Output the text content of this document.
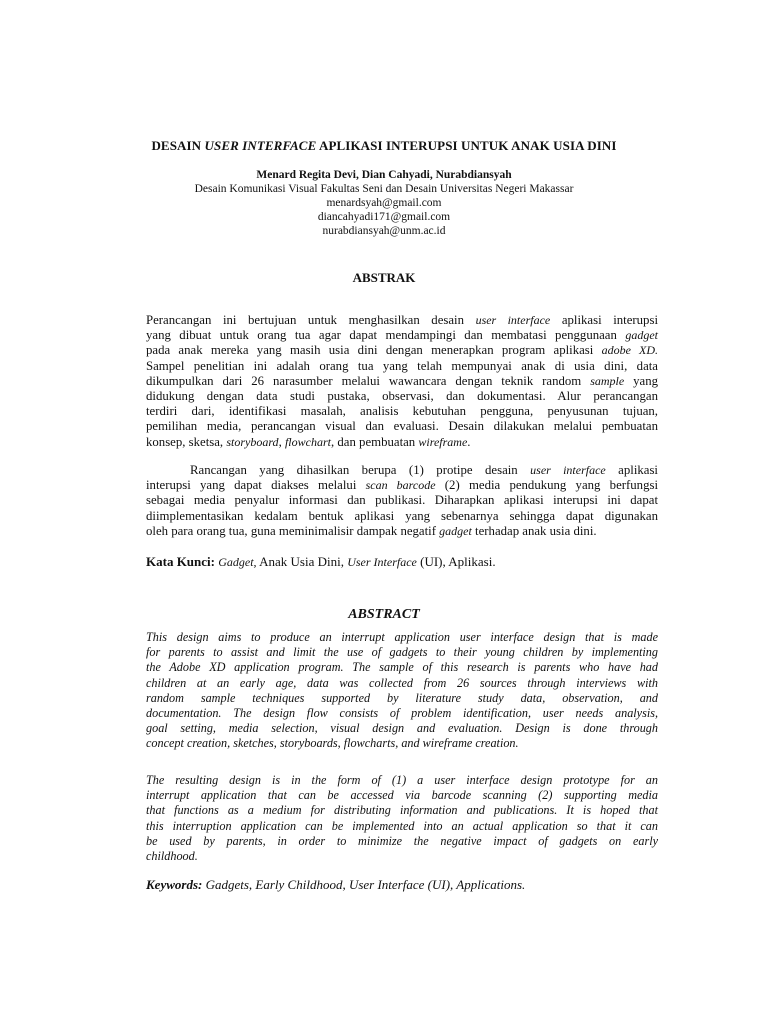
DESAIN USER INTERFACE APLIKASI INTERUPSI UNTUK ANAK USIA DINI
Menard Regita Devi, Dian Cahyadi, Nurabdiansyah
Desain Komunikasi Visual Fakultas Seni dan Desain Universitas Negeri Makassar
menardsyah@gmail.com
diancahyadi171@gmail.com
nurabdiansyah@unm.ac.id
ABSTRAK
Perancangan ini bertujuan untuk menghasilkan desain user interface aplikasi interupsi
yang dibuat untuk orang tua agar dapat mendampingi dan membatasi penggunaan gadget
pada anak mereka yang masih usia dini dengan menerapkan program aplikasi adobe XD.
Sampel penelitian ini adalah orang tua yang telah mempunyai anak di usia dini, data
dikumpulkan dari 26 narasumber melalui wawancara dengan teknik random sample yang
didukung dengan data studi pustaka, observasi, dan dokumentasi. Alur perancangan
terdiri dari, identifikasi masalah, analisis kebutuhan pengguna, penyusunan tujuan,
pemilihan media, perancangan visual dan evaluasi. Desain dilakukan melalui pembuatan
konsep, sketsa, storyboard, flowchart, dan pembuatan wireframe.
Rancangan yang dihasilkan berupa (1) protipe desain user interface aplikasi
interupsi yang dapat diakses melalui scan barcode (2) media pendukung yang berfungsi
sebagai media penyalur informasi dan publikasi. Diharapkan aplikasi interupsi ini dapat
diimplementasikan kedalam bentuk aplikasi yang sebenarnya sehingga dapat digunakan
oleh para orang tua, guna meminimalisir dampak negatif gadget terhadap anak usia dini.
Kata Kunci: Gadget, Anak Usia Dini, User Interface (UI), Aplikasi.
ABSTRACT
This design aims to produce an interrupt application user interface design that is made
for parents to assist and limit the use of gadgets to their young children by implementing
the Adobe XD application program. The sample of this research is parents who have had
children at an early age, data was collected from 26 sources through interviews with
random sample techniques supported by literature study data, observation, and
documentation. The design flow consists of problem identification, user needs analysis,
goal setting, media selection, visual design and evaluation. Design is done through
concept creation, sketches, storyboards, flowcharts, and wireframe creation.
The resulting design is in the form of (1) a user interface design prototype for an
interrupt application that can be accessed via barcode scanning (2) supporting media
that functions as a medium for distributing information and publications. It is hoped that
this interruption application can be implemented into an actual application so that it can
be used by parents, in order to minimize the negative impact of gadgets on early
childhood.
Keywords: Gadgets, Early Childhood, User Interface (UI), Applications.
